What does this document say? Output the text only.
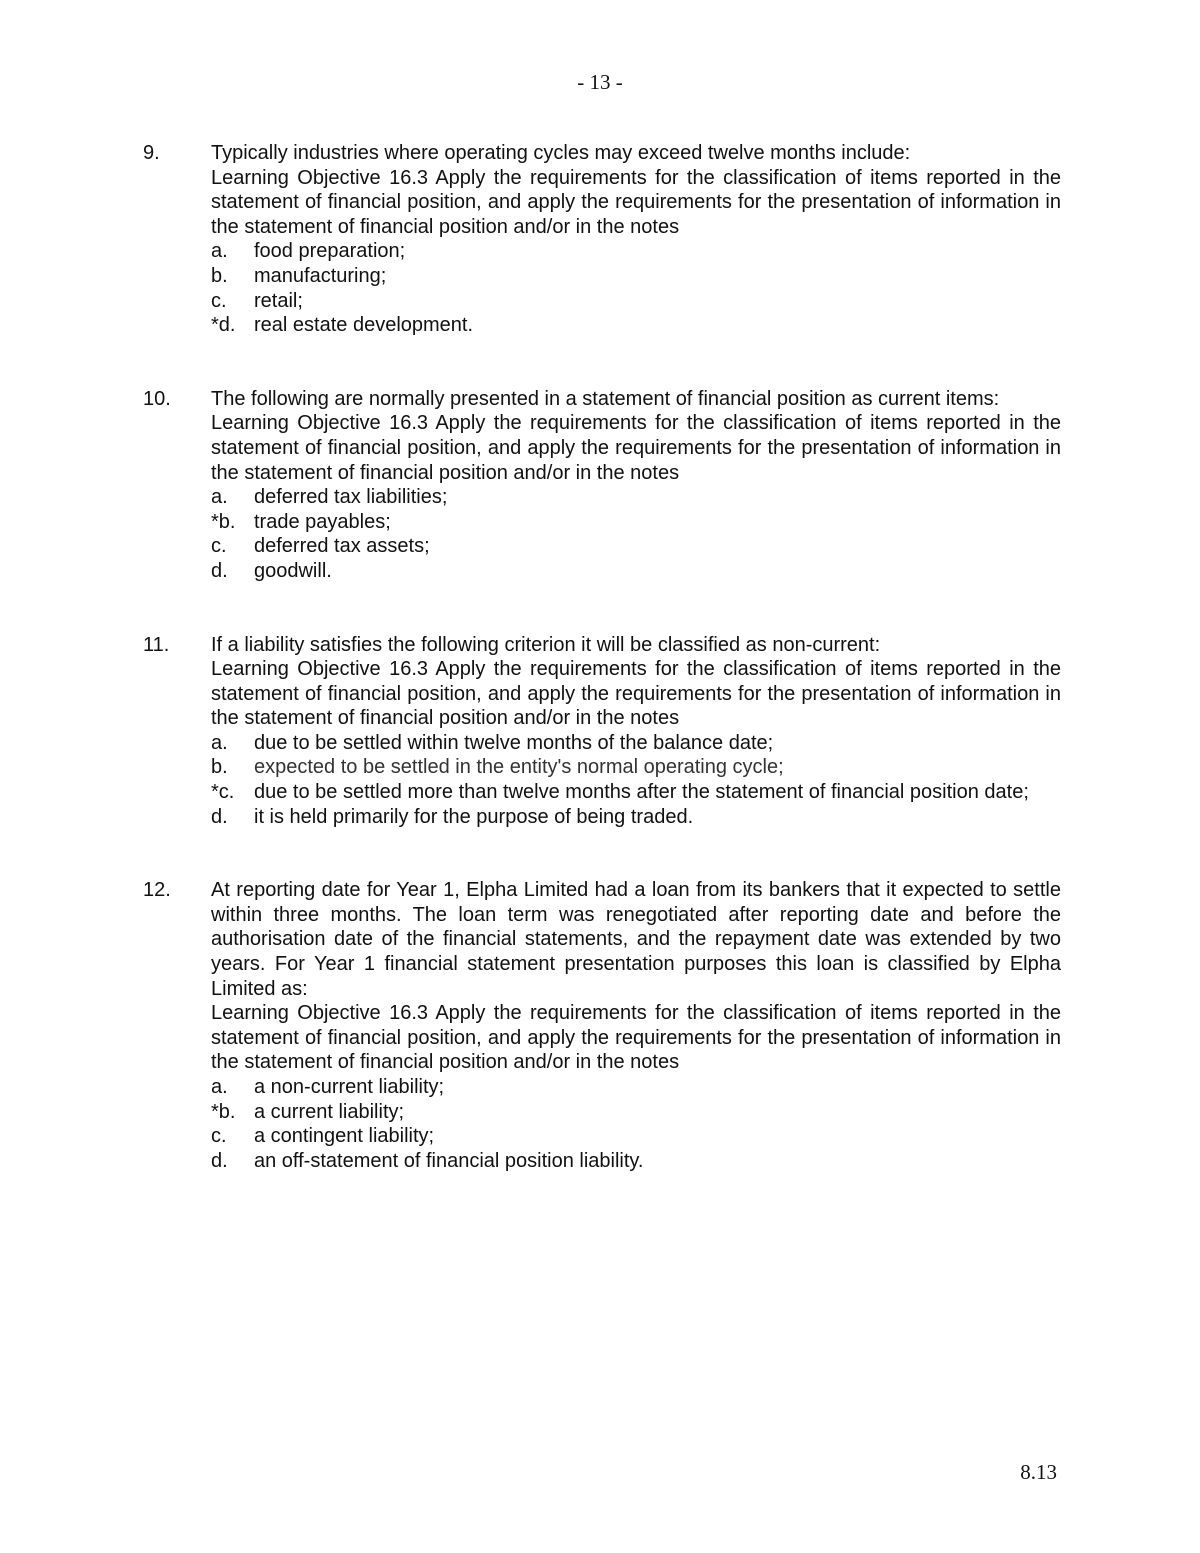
- 13 -
9.	Typically industries where operating cycles may exceed twelve months include:
Learning Objective 16.3 Apply the requirements for the classification of items reported in the statement of financial position, and apply the requirements for the presentation of information in the statement of financial position and/or in the notes
a. food preparation;
b. manufacturing;
c. retail;
*d. real estate development.
10. The following are normally presented in a statement of financial position as current items:
Learning Objective 16.3 Apply the requirements for the classification of items reported in the statement of financial position, and apply the requirements for the presentation of information in the statement of financial position and/or in the notes
a. deferred tax liabilities;
*b. trade payables;
c. deferred tax assets;
d. goodwill.
11. If a liability satisfies the following criterion it will be classified as non-current:
Learning Objective 16.3 Apply the requirements for the classification of items reported in the statement of financial position, and apply the requirements for the presentation of information in the statement of financial position and/or in the notes
a. due to be settled within twelve months of the balance date;
b. expected to be settled in the entity's normal operating cycle;
*c. due to be settled more than twelve months after the statement of financial position date;
d. it is held primarily for the purpose of being traded.
12. At reporting date for Year 1, Elpha Limited had a loan from its bankers that it expected to settle within three months. The loan term was renegotiated after reporting date and before the authorisation date of the financial statements, and the repayment date was extended by two years. For Year 1 financial statement presentation purposes this loan is classified by Elpha Limited as:
Learning Objective 16.3 Apply the requirements for the classification of items reported in the statement of financial position, and apply the requirements for the presentation of information in the statement of financial position and/or in the notes
a. a non-current liability;
*b. a current liability;
c. a contingent liability;
d. an off-statement of financial position liability.
8.13
